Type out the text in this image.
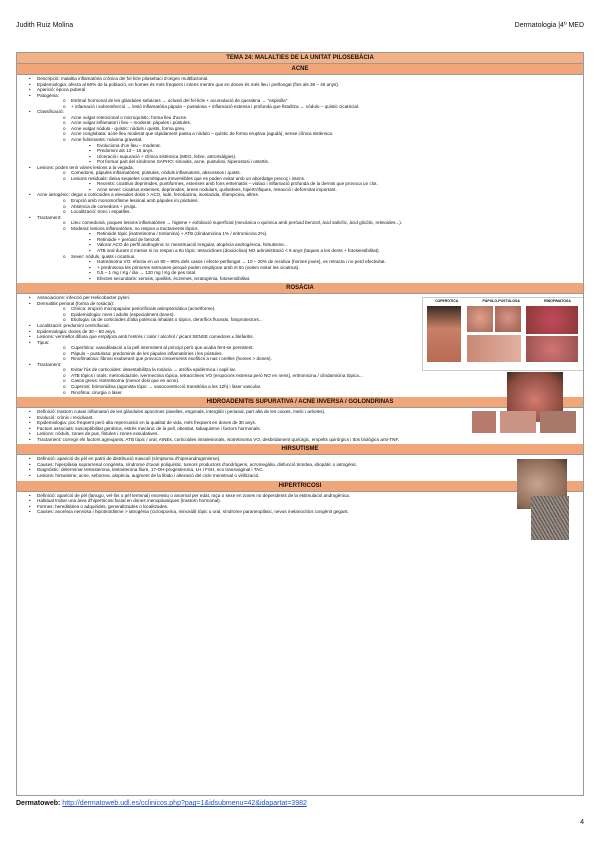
Judith Ruiz Molina	Dermatologia |4º MED
TEMA 24: MALALTIES DE LA UNITAT PILOSEBÀCIA
ACNE
• Descripció: malaltia inflamatòria crònica del fol·licle pilosebaci d'origen multifactorial.
• Epidemiologia: afecta al 80% de la població, en homes és més freqüent i intens mentre que en dones és més lleu i perllongat (fins als 38 – 40 anys).
• Aparició: època puberal
• Patogènia:
o Estímul hormonal de les glàndules sebàcies → oclusió del fol·licle + acumulació de queratina → "espinilla".
o + infamació i sobreinfecció → lesió inflamatòria pàpula – pustulosa + inflamació extensa i profunda que fistulitza → nòdulo – quístic cicatricial.
• Classificació:
o Acne vulgar retencional o microquístic: forma lleu d'acne.
o Acne vulgar inflamatori i lleu – moderat: pàpules i pústules.
o Acne vulgar nòdulo - quístic: nòduls i quists, forma greu.
o Acne conglobata: acne lleu moderat que ràpidament passa a nòdulo – quístic de forma eruptiva (agudà), sense clínica sistèmica.
o Acne fulminantis: màxima gravetat.
▪ Evoluciona d'un lleu – moderat.
▪ Predomini als 13 – 16 anys.
▪ Ulceració i supuració + clínica sistèmica (MEG, febre, artromiàlgies).
▪ Pot formar part del síndrome SAPHO: sinovitis, acne, pustulosi, hiperostosi i osteïtis.
• Lesions: poden tenir vàries lesions a la vegada.
o Comedons, pàpules inflamatòries, pústules, nòduls inflamatoris, abscessos i quists.
o Lesions residuals: deixa seqüeles cosmètiques irreversibles que es poden evitar amb un abordatge precoç i intens.
▪ Recents: cicatrius deprimides, puntiformes, extenses amb fons eritematós – violaci i inflamació profunda de la dermis que provoca un clot.
▪ Acne sever: cicatrius extenses, deprimides, àrees nodulars, quiloïdees, hipertròfiques, retracció i deformitat important.
• Acne iatrogènic: degut a corticoides a elevades dosis > ACO, iode, fenotiazina, isoniazida, rifampicina, altres.
o Erupció amb monomorfisme lesional amb pàpules i/o pústules.
o Absència de comedons + pruïja.
o Localització: tronc i espatlles.
• Tractament:
o Lleu: comedonià, poques lesions inflamatòries → higiene + exfoliació superficial (mecànica o química amb peròxid benzoïl, àcid salicílic, àcid glicòlic, retinoides...).
o Moderat: lesions inflamatòries, no respon a tractaments tòpics.
▪ Retinoide tòpic (isotretinoïna / tretionina) + ATB (clindamicina 1% / eritromicina 2%).
▪ Retinoide + peròxid de benzoïl.
▪ Valorar ACO de perfil androgènic si: menstruació irregular, alopècia androgènica, hirsutisme...
▪ ATB oral durant 3 mesos si no respon a tto tòpic: tetraciclines (doxiciclina) NO administració < 8 anys (taques a les dents + fotosensibilitat).
o Sever: nòduls, quists i cicatrius.
▪ Isotretinoïna VO: efectiu en un 90 – 95% dels casos i efecte perllongat → 10 – 20% de recidiva (homes joves), es retracta i no perd efectivitat.
▪ + prednisona les primeres setmanes perquè poden empitjorar amb el tto (volem evitar les cicatrius).
▪ 0,5 – 1 mg / Kg / dia → 120 mg / Kg de pes total.
▪ Efectes secundaris: xerosis, queilitis, èczemes, teratogènia, fotosensibilitat.
ROSÀCIA
• Associacions: infecció per Helicobacter pylori.
• Dermatitis perioral (forma de rosàcia):
o Clínica: erupció micropapular periorificials asimptomàtica (acneïforme).
o Epidemiologia: nens i adults (especialment dones).
o Etiologia: ús de corticoides d'alta potència inhalats o tòpics, dentrífics fluorats, fotoprotectors...
• Localització: predomini centrofacial.
• Epidemiologia: dones de 30 – 50 anys.
• Lesions: vermellor difusa que empitjora amb l'estrès / calor / alcohol / picant SENSE comedons ± blefaritis.
• Tipus:
o Cuperòtica: vasodilatació a la pell intermitent al principi però que acaba fent-se persistent.
o Pàpulo – pustulosa: predominin de les pàpules inflamatòries i les pústules.
o Rinofimatosa: fibrosi exuberant que provoca creixements exofítics a nas i orelles (homes > dones).
• Tractament:
o Evitar l'ús de corticoides: desestabilitza la rosàcia → atròfia epidèrmica i capil·lar.
o ATB tòpics i orals: metronidazole, ivermectina tòpica, tetraciclines VO (erupcions extensa però NO en nens), eritromicina / clindamicina tòpica...
o Casos greus: isotretinoïna (menor dosi que en acne).
o Cuperosi: brimonidina (agonista tòpic → vasoconstricció transitòria a les 12h) i làser vascular.
o Rinofima: cirurgia o làser.
CUPEROTICA	PÀPULO-PUSTULOSA	RINOFIMATOSA
HIDROADENITIS SUPURATIVA / ACNE INVERSA / GOLONDRINAS
• Definició: trastorn cutani inflamatori de les glàndules apocrines (aixelles, engonals, interglúti i perianal, part alta de les cuixes, melic i arèoles).
• Evolució: crònic i recidivant.
• Epidemiologia: poc freqüent però alta repercussió en la qualitat de vida, més freqüent en dones de 30 anys.
• Factors associats: susceptibilitat genètica, estrès mecànic de la pell, obesitat, tabaquisme i factors hormonals.
• Lesions: nòduls, zones de pus, fístules i zones exsudatives.
• Tractament: corregir els factors agreujants, ATB tòpic / oral, AINEs, corticoides intralesionals, isotretinoïna VO, desbridament quirúrgic, empelts quirúrgics i ttos biològics anti-TNF.
HIRSUTISME
• Definició: aparició de pèl en patró de distribució masculí (símptoma d'hiperandrogenisme).
• Causes: hiperplàsia suprarrenal congènita, síndrome d'ovari poliquístic, tumors productors d'andrògens, acromegàlia, disfunció tiroïdea, idiopàtic o iatrogènic.
• Diagnòstic: determinar testosterona, testosterona lliure, 17-OH-progesterona, LH i FSH, eco transvaginal i TAC.
• Lesions: hirsutisme, acne, seborrea, alopècia, augment de la libido i alteració del cicle menstrual o virilització.
HIPERTRICOSI
• Definició: aparició de pèl (lanugo, vel·lòs o pèl terminal) excessiu o anormal per edat, raça o sexe en zones no dependents de la estimulació androgènica.
• Habitual trobar una àrea d'hipertricosi facial en dones menopàusiques (trastorn hormonal).
• Formes: hereditàries o adquirides, generalitzades o localitzades.
• Causes: anorèxia nerviosa i hipotiroïdisme > iatrogènia (ciclosporina, minoxidil tòpic u oral, síndrome paraneoplàsic, nevus melanocítics congènit gegant.
Dermatoweb: http://dermatoweb.udl.es/cclinicos.php?pag=1&idsubmenu=42&idapartat=3982
4
